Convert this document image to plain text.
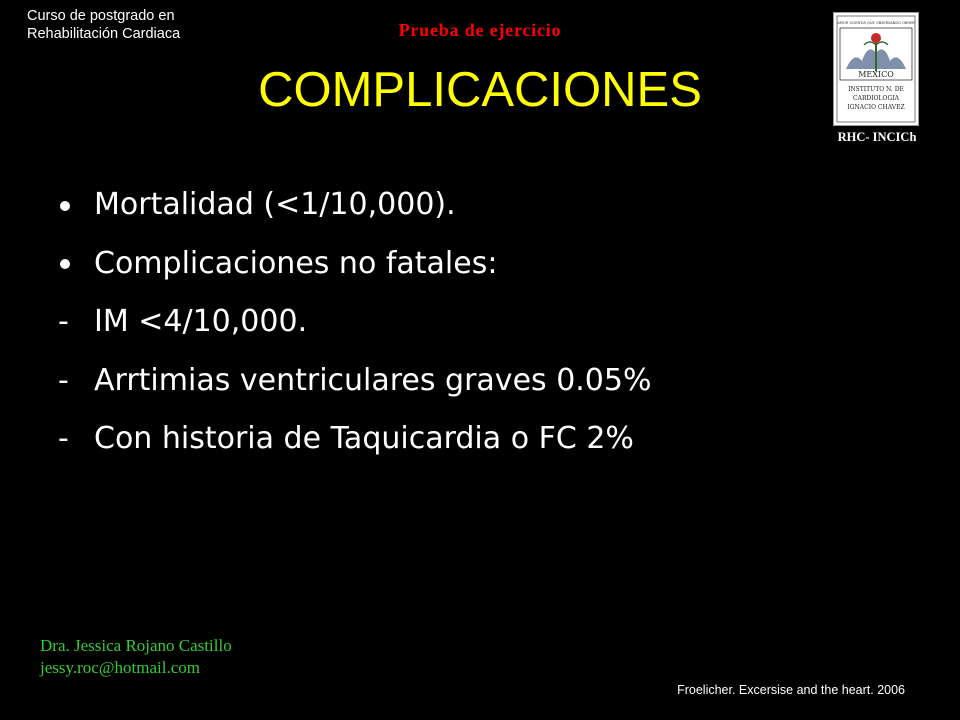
Curso de postgrado en
Rehabilitación Cardiaca	Prueba de ejercicio
COMPLICACIONES
AMOR SCIENTIA QUE OBSERVANDO OBRER
MEXICO
INSTITUTO N. DE
CARDIOLOGIA
IGNACIO CHAVEZ
RHC- INCICh
Mortalidad (<1/10,000).
Complicaciones no fatales:
- IM <4/10,000.
- Arrtimias ventriculares graves 0.05%
- Con historia de Taquicardia o FC 2%
Dra. Jessica Rojano Castillo
jessy.roc@hotmail.com
Froelicher. Excersise and the heart. 2006
